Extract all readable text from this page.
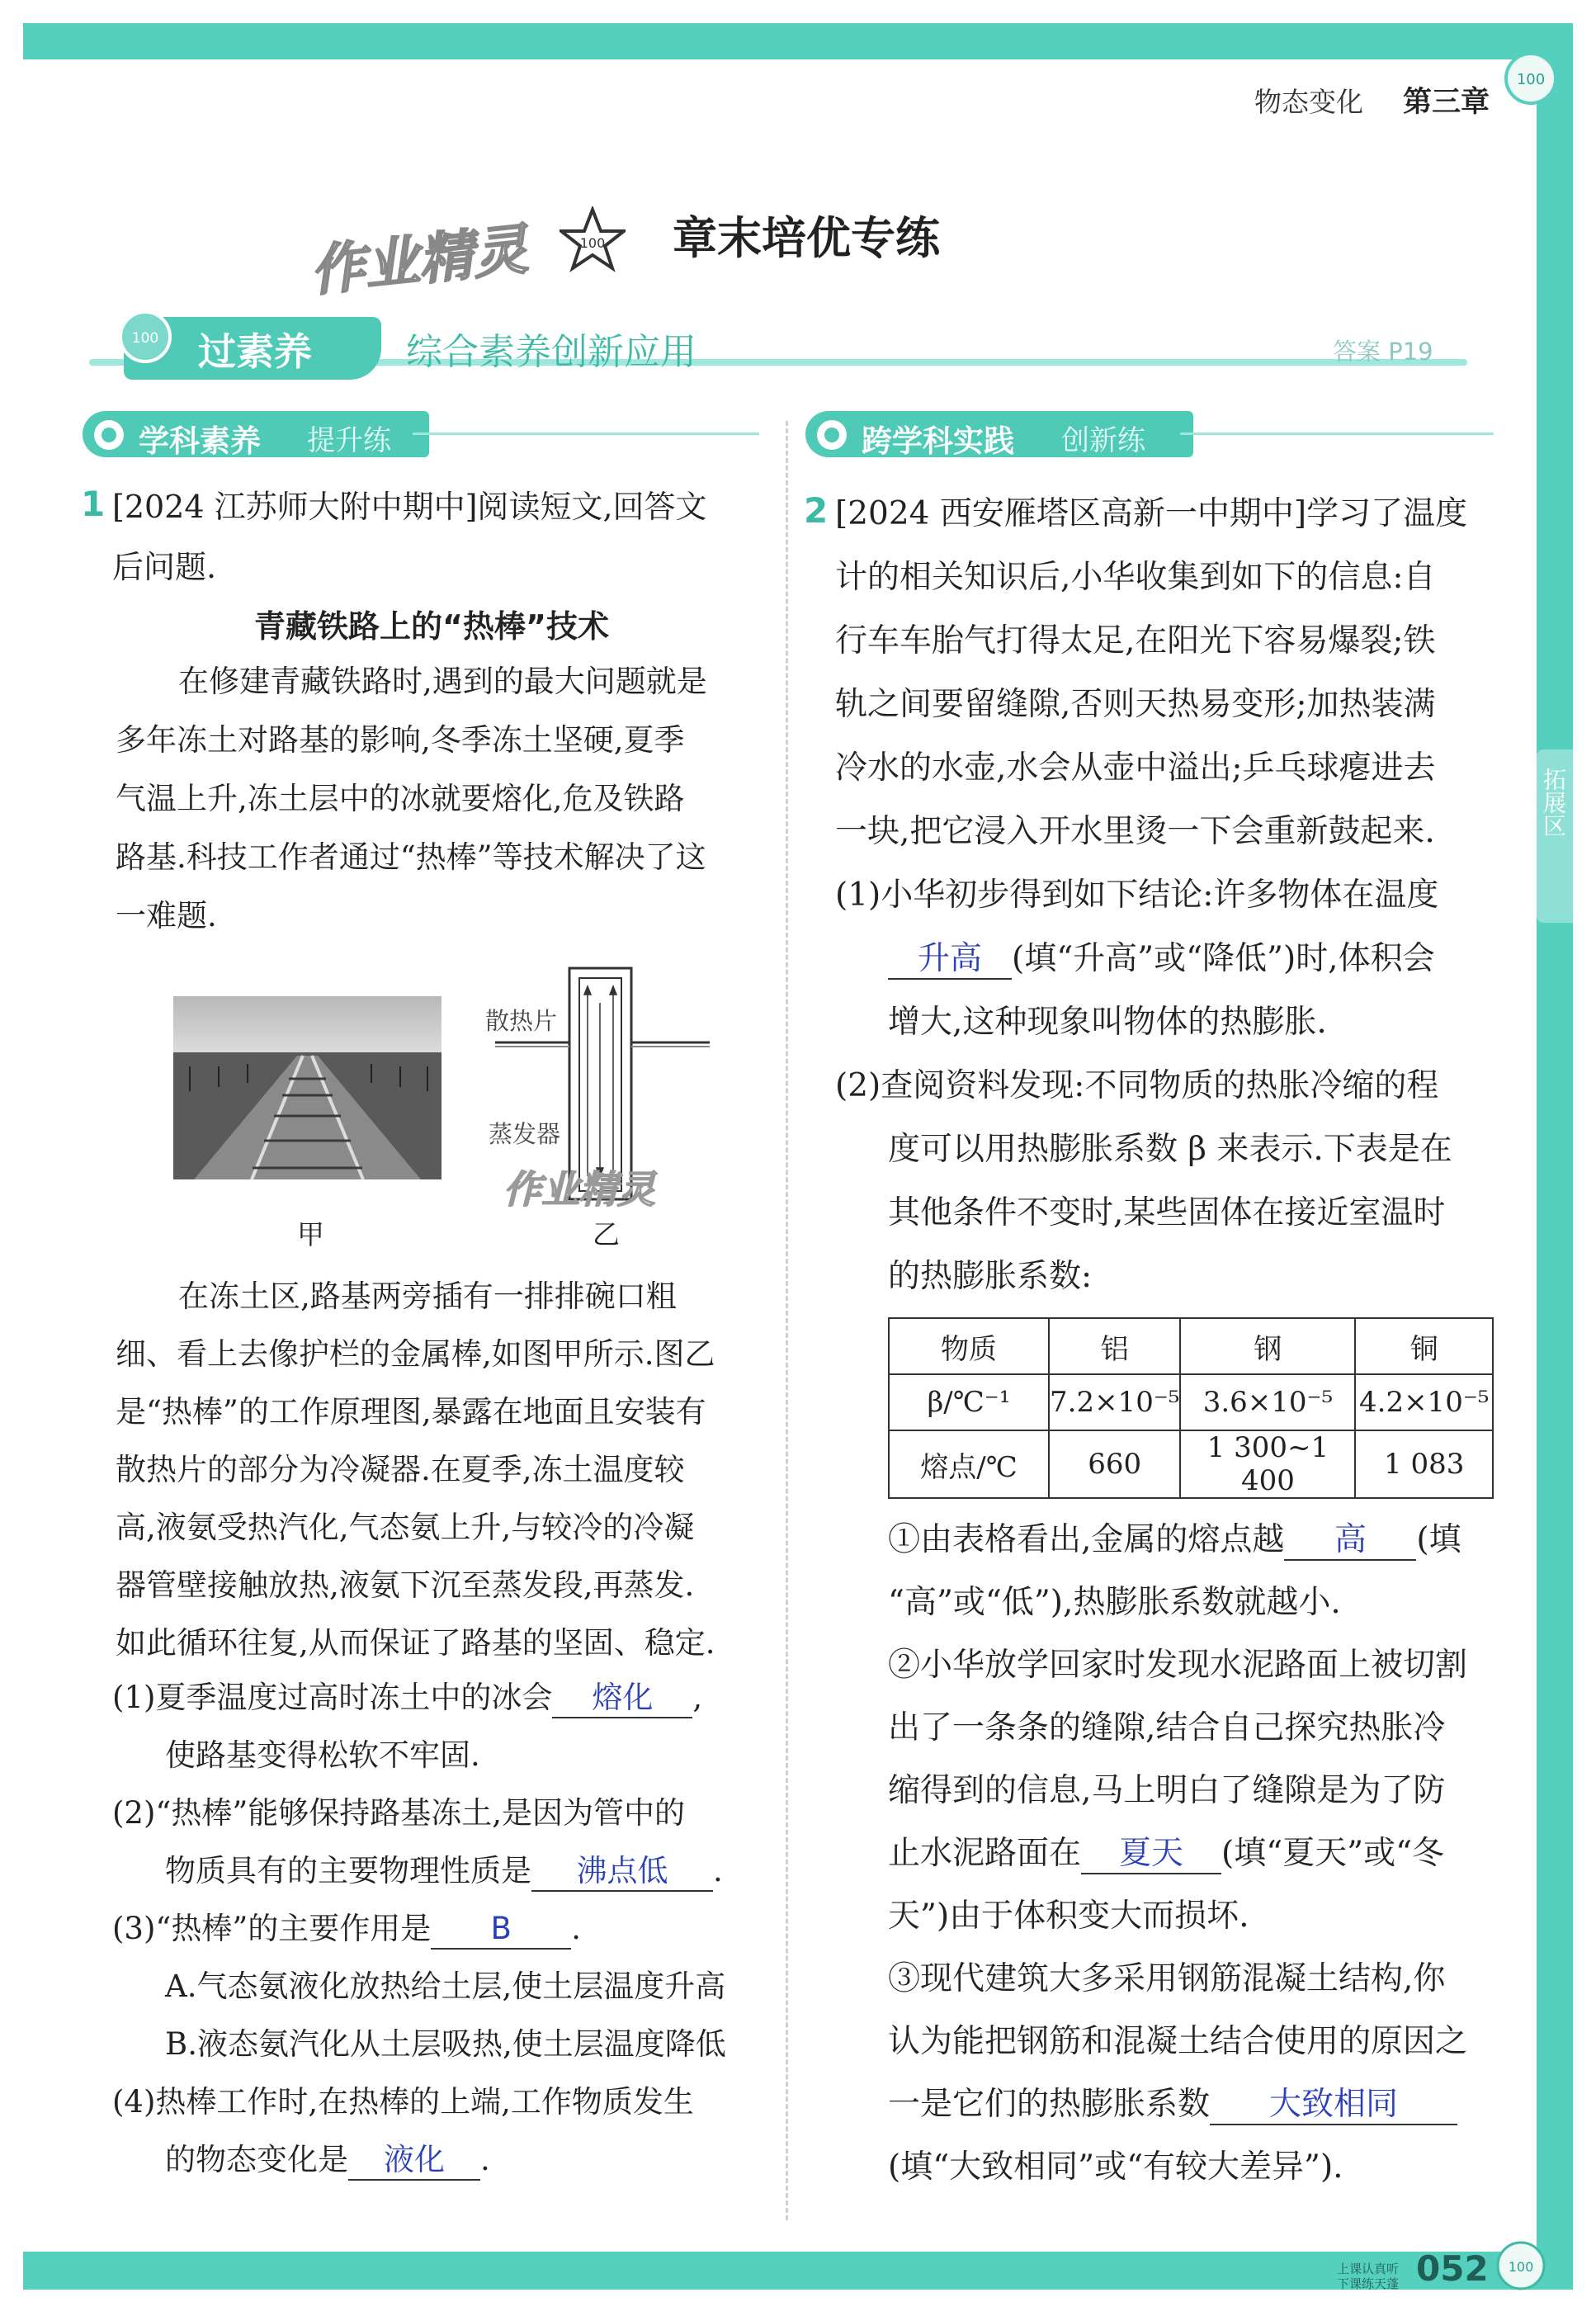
物态变化 第三章
100
作业精灵	100 章末培优专练
100 过素养	综合素养创新应用	答案 P19
学科素养 提升练	跨学科实践 创新练
1 [2024 江苏师大附中期中]阅读短文,回答文
后问题.
青藏铁路上的“热棒”技术
在修建青藏铁路时,遇到的最大问题就是
多年冻土对路基的影响,冬季冻土坚硬,夏季
气温上升,冻土层中的冰就要熔化,危及铁路
路基.科技工作者通过“热棒”等技术解决了这
一难题.
甲
散热片
蒸发器
作业精灵
乙
在冻土区,路基两旁插有一排排碗口粗
细、看上去像护栏的金属棒,如图甲所示.图乙
是“热棒”的工作原理图,暴露在地面且安装有
散热片的部分为冷凝器.在夏季,冻土温度较
高,液氨受热汽化,气态氨上升,与较冷的冷凝
器管壁接触放热,液氨下沉至蒸发段,再蒸发.
如此循环往复,从而保证了路基的坚固、稳定.
(1)夏季温度过高时冻土中的冰会 熔化 ,
使路基变得松软不牢固.
(2)“热棒”能够保持路基冻土,是因为管中的
物质具有的主要物理性质是 沸点低 .
(3)“热棒”的主要作用是 B .
A.气态氨液化放热给土层,使土层温度升高
B.液态氨汽化从土层吸热,使土层温度降低
(4)热棒工作时,在热棒的上端,工作物质发生
的物态变化是 液化 .
2 [2024 西安雁塔区高新一中期中]学习了温度
计的相关知识后,小华收集到如下的信息:自
行车车胎气打得太足,在阳光下容易爆裂;铁
轨之间要留缝隙,否则天热易变形;加热装满
冷水的水壶,水会从壶中溢出;乒乓球瘪进去
一块,把它浸入开水里烫一下会重新鼓起来.
(1)小华初步得到如下结论:许多物体在温度
升高 (填“升高”或“降低”)时,体积会
增大,这种现象叫物体的热膨胀.
(2)查阅资料发现:不同物质的热胀冷缩的程
度可以用热膨胀系数 β 来表示.下表是在
其他条件不变时,某些固体在接近室温时
的热膨胀系数:
物质	铝	钢	铜
β/℃⁻¹	7.2×10⁻⁵	3.6×10⁻⁵	4.2×10⁻⁵
熔点/℃	660	1 300~1 400	1 083
①由表格看出,金属的熔点越 高 (填
“高”或“低”),热膨胀系数就越小.
②小华放学回家时发现水泥路面上被切割
出了一条条的缝隙,结合自己探究热胀冷
缩得到的信息,马上明白了缝隙是为了防
止水泥路面在 夏天 (填“夏天”或“冬
天”)由于体积变大而损坏.
③现代建筑大多采用钢筋混凝土结构,你
认为能把钢筋和混凝土结合使用的原因之
一是它们的热膨胀系数 大致相同
(填“大致相同”或“有较大差异”).
拓展区
上课认真听
下课练天蓬 052 100
